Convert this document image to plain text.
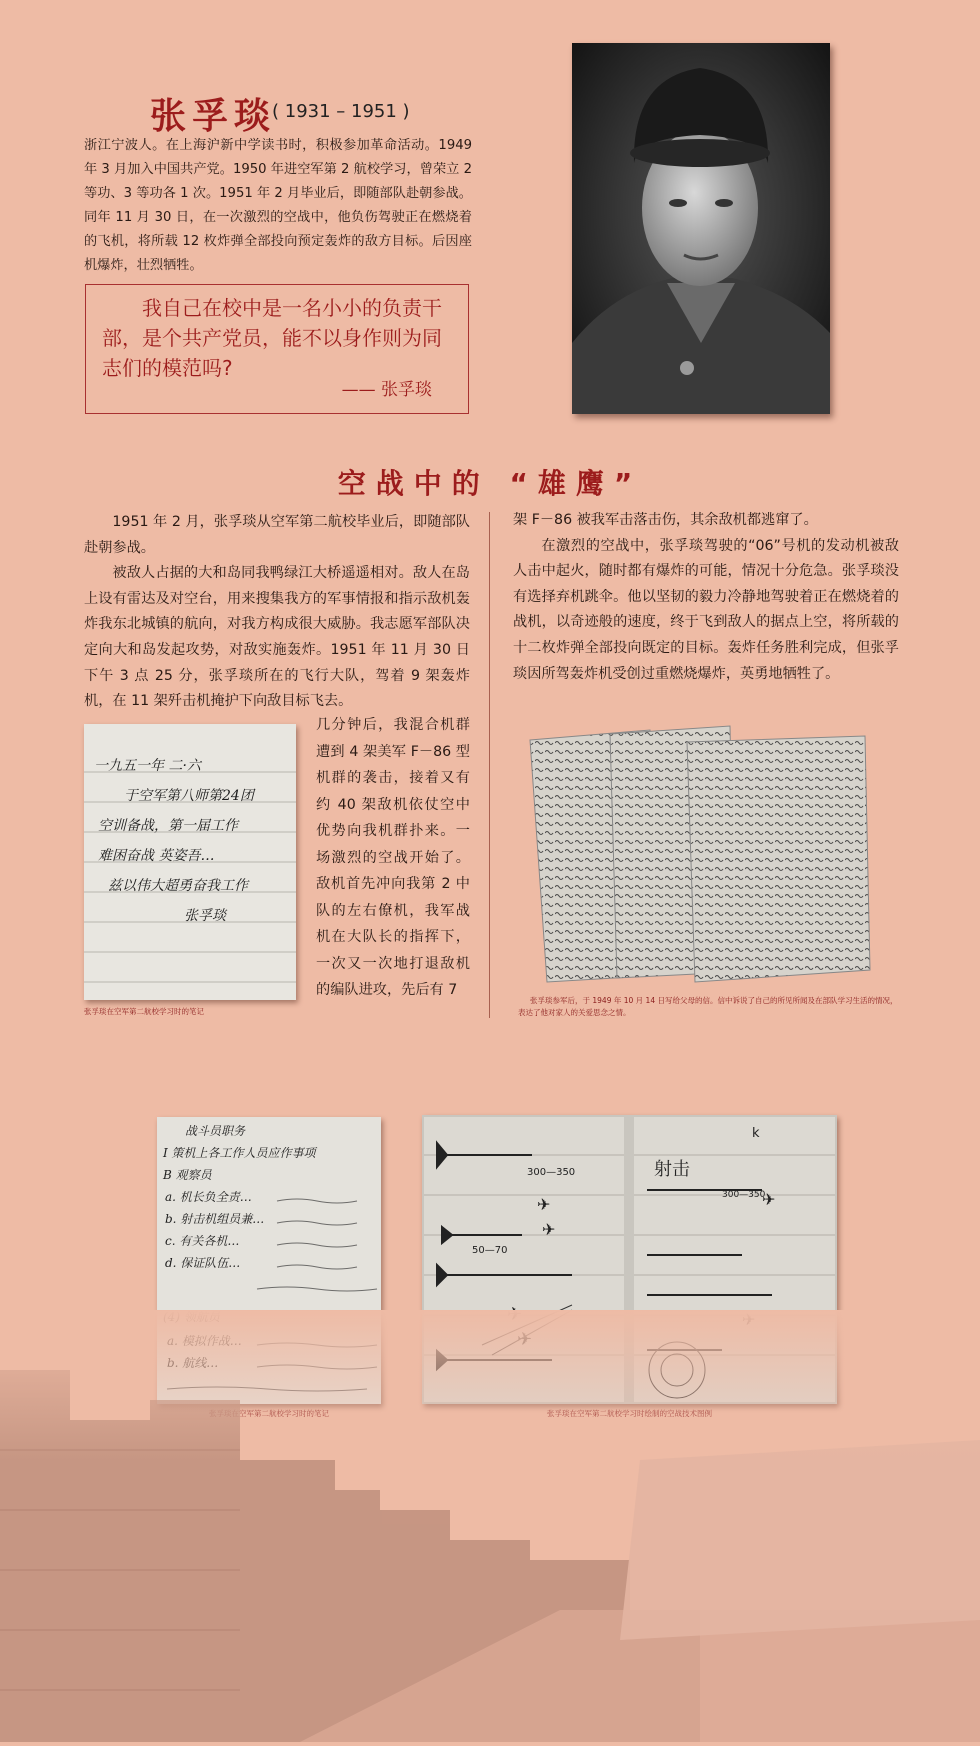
张孚琰
( 1931 – 1951 )
浙江宁波人。在上海沪新中学读书时，积极参加革命活动。1949 年 3 月加入中国共产党。1950 年进空军第 2 航校学习，曾荣立 2 等功、3 等功各 1 次。1951 年 2 月毕业后，即随部队赴朝参战。同年 11 月 30 日，在一次激烈的空战中，他负伤驾驶正在燃烧着的飞机，将所载 12 枚炸弹全部投向预定轰炸的敌方目标。后因座机爆炸，壮烈牺牲。
我自己在校中是一名小小的负责干部，是个共产党员，能不以身作则为同志们的模范吗?
—— 张孚琰
空战中的 “雄鹰”

1951 年 2 月，张孚琰从空军第二航校毕业后，即随部队赴朝参战。

被敌人占据的大和岛同我鸭绿江大桥遥遥相对。敌人在岛上设有雷达及对空台，用来搜集我方的军事情报和指示敌机轰炸我东北城镇的航向，对我方构成很大威胁。我志愿军部队决定向大和岛发起攻势，对敌实施轰炸。1951 年 11 月 30 日下午 3 点 25 分，张孚琰所在的飞行大队，驾着 9 架轰炸机，在 11 架歼击机掩护下向敌目标飞去。

一九五一年 二·六
于空军第八师第24团
空训备战，第一届工作
难困奋战 英姿吾…
兹以伟大超勇奋我工作
张孚琰
张孚琰在空军第二航校学习时的笔记

几分钟后，我混合机群遭到 4 架美军 F－86 型机群的袭击，接着又有约 40 架敌机依仗空中优势向我机群扑来。一场激烈的空战开始了。敌机首先冲向我第 2 中队的左右僚机，我军战机在大队长的指挥下，一次又一次地打退敌机的编队进攻，先后有 7

架 F－86 被我军击落击伤，其余敌机都逃窜了。

在激烈的空战中，张孚琰驾驶的“06”号机的发动机被敌人击中起火，随时都有爆炸的可能，情况十分危急。张孚琰没有选择弃机跳伞。他以坚韧的毅力冷静地驾驶着正在燃烧着的战机，以奇迹般的速度，终于飞到敌人的据点上空，将所载的十二枚炸弹全部投向既定的目标。轰炸任务胜利完成，但张孚琰因所驾轰炸机受创过重燃烧爆炸，英勇地牺牲了。

张孚琰参军后，于 1949 年 10 月 14 日写给父母的信。信中诉说了自己的所见所闻及在部队学习生活的情况，表达了他对家人的关爱思念之情。
战斗员职务
I 策机上各工作人员应作事项
B 观察员
a. 机长负全责…
b. 射击机组员兼…
c. 有关各机…
d. 保证队伍…
300—350
50—70
射击
300—350
k
✈
✈
✈
